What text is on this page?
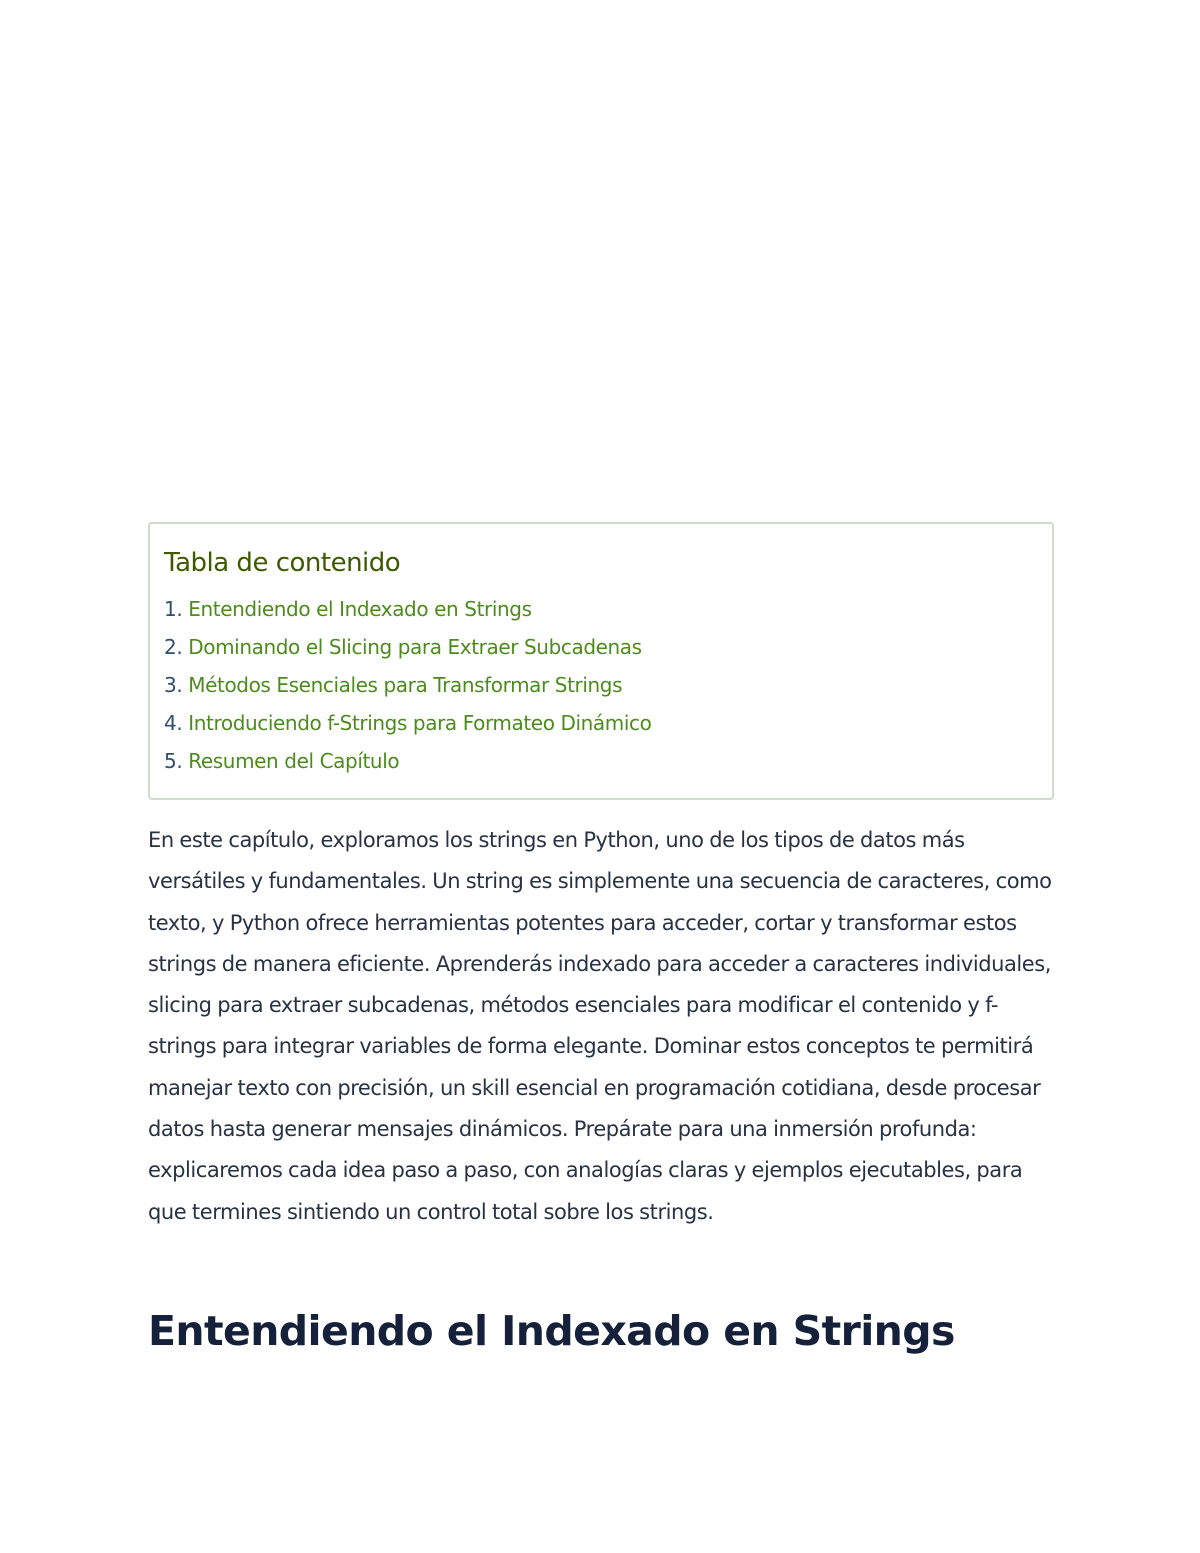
Tabla de contenido
1. Entendiendo el Indexado en Strings
2. Dominando el Slicing para Extraer Subcadenas
3. Métodos Esenciales para Transformar Strings
4. Introduciendo f-Strings para Formateo Dinámico
5. Resumen del Capítulo

En este capítulo, exploramos los strings en Python, uno de los tipos de datos más versátiles y fundamentales. Un string es simplemente una secuencia de caracteres, como texto, y Python ofrece herramientas potentes para acceder, cortar y transformar estos strings de manera eficiente. Aprenderás indexado para acceder a caracteres individuales, slicing para extraer subcadenas, métodos esenciales para modificar el contenido y f-strings para integrar variables de forma elegante. Dominar estos conceptos te permitirá manejar texto con precisión, un skill esencial en programación cotidiana, desde procesar datos hasta generar mensajes dinámicos. Prepárate para una inmersión profunda: explicaremos cada idea paso a paso, con analogías claras y ejemplos ejecutables, para que termines sintiendo un control total sobre los strings.

Entendiendo el Indexado en Strings
